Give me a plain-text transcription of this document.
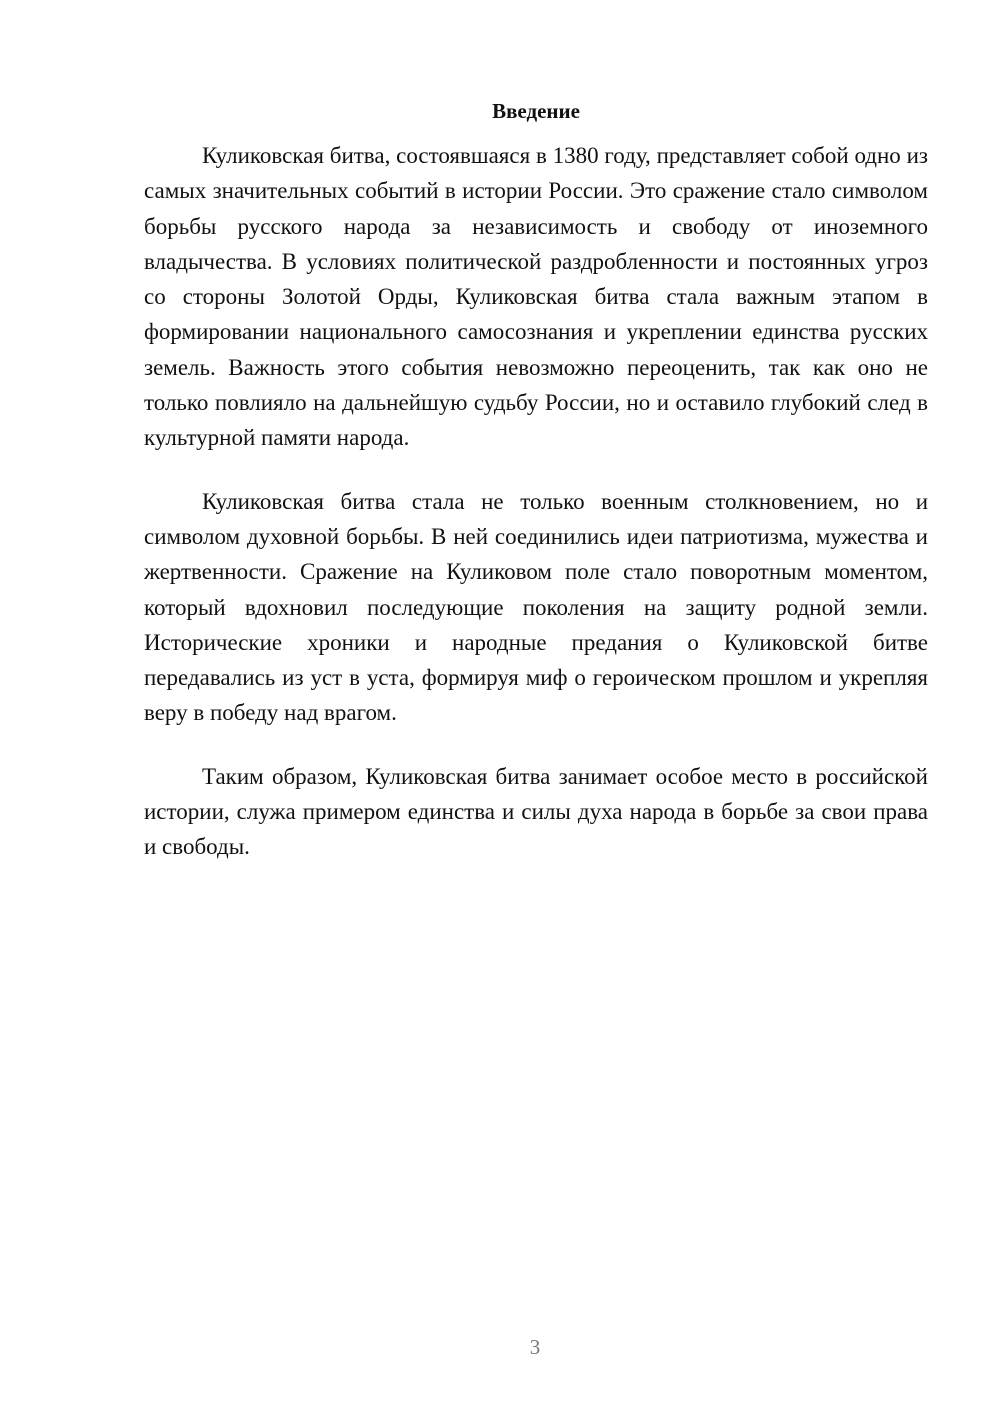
Введение

Куликовская битва, состоявшаяся в 1380 году, представляет собой одно из самых значительных событий в истории России. Это сражение стало символом борьбы русского народа за независимость и свободу от иноземного владычества. В условиях политической раздробленности и постоянных угроз со стороны Золотой Орды, Куликовская битва стала важным этапом в формировании национального самосознания и укреплении единства русских земель. Важность этого события невозможно переоценить, так как оно не только повлияло на дальнейшую судьбу России, но и оставило глубокий след в культурной памяти народа.

Куликовская битва стала не только военным столкновением, но и символом духовной борьбы. В ней соединились идеи патриотизма, мужества и жертвенности. Сражение на Куликовом поле стало поворотным моментом, который вдохновил последующие поколения на защиту родной земли. Исторические хроники и народные предания о Куликовской битве передавались из уст в уста, формируя миф о героическом прошлом и укрепляя веру в победу над врагом.

Таким образом, Куликовская битва занимает особое место в российской истории, служа примером единства и силы духа народа в борьбе за свои права и свободы.

3
